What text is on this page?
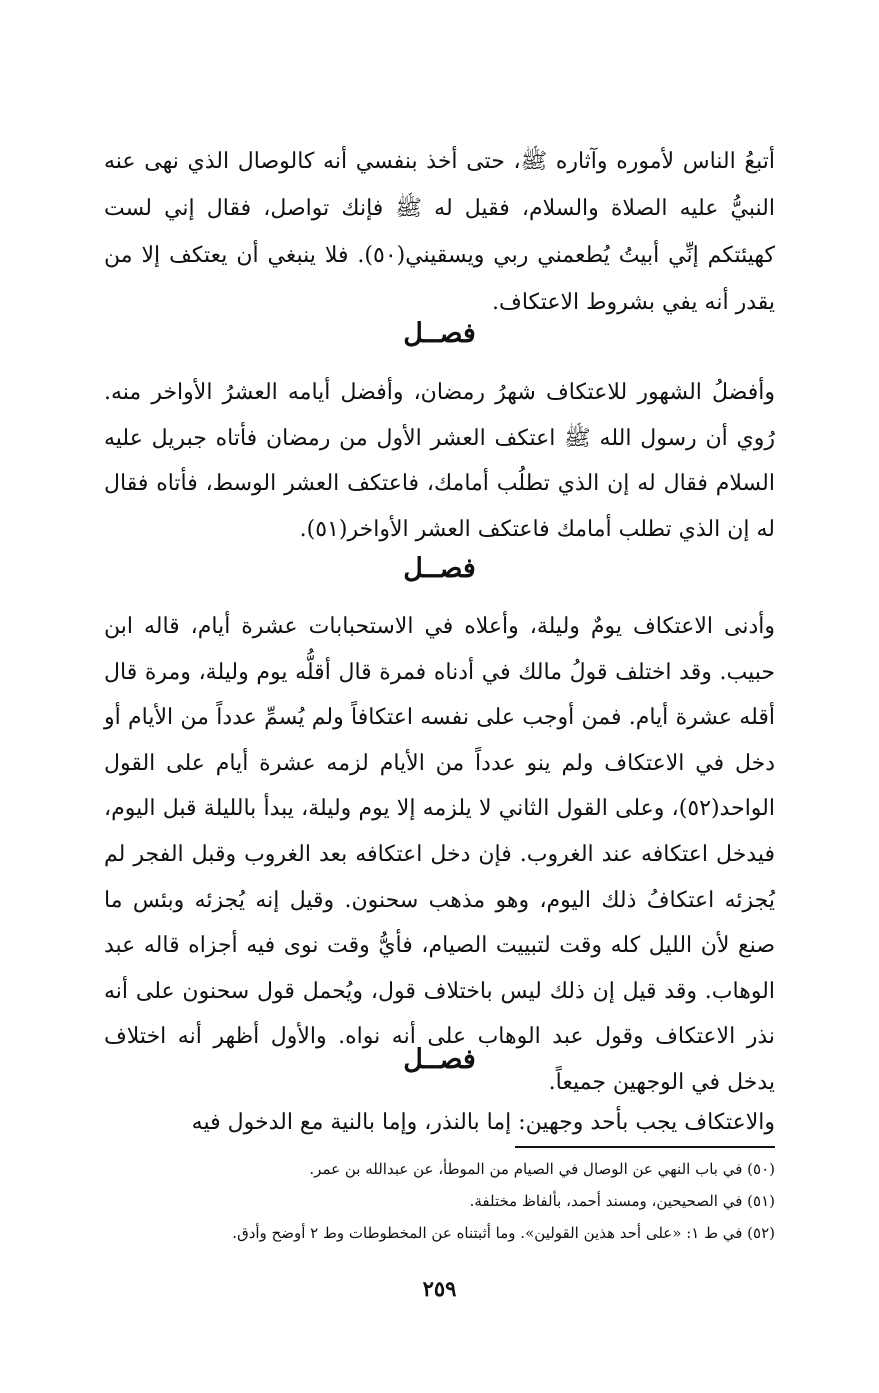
أتبعُ الناس لأموره وآثاره ﷺ، حتى أخذ بنفسي أنه كالوصال الذي نهى عنه النبيُّ عليه الصلاة والسلام، فقيل له ﷺ فإنك تواصل، فقال إني لست كهيئتكم إنِّي أبيتُ يُطعمني ربي ويسقيني(٥٠). فلا ينبغي أن يعتكف إلا من يقدر أنه يفي بشروط الاعتكاف.

فصــل

وأفضلُ الشهور للاعتكاف شهرُ رمضان، وأفضل أيامه العشرُ الأواخر منه. رُوي أن رسول الله ﷺ اعتكف العشر الأول من رمضان فأتاه جبريل عليه السلام فقال له إن الذي تطلُب أمامك، فاعتكف العشر الوسط، فأتاه فقال له إن الذي تطلب أمامك فاعتكف العشر الأواخر(٥١).

فصــل

وأدنى الاعتكاف يومٌ وليلة، وأعلاه في الاستحبابات عشرة أيام، قاله ابن حبيب. وقد اختلف قولُ مالك في أدناه فمرة قال أقلُّه يوم وليلة، ومرة قال أقله عشرة أيام. فمن أوجب على نفسه اعتكافاً ولم يُسمِّ عدداً من الأيام أو دخل في الاعتكاف ولم ينو عدداً من الأيام لزمه عشرة أيام على القول الواحد(٥٢)، وعلى القول الثاني لا يلزمه إلا يوم وليلة، يبدأ بالليلة قبل اليوم، فيدخل اعتكافه عند الغروب. فإن دخل اعتكافه بعد الغروب وقبل الفجر لم يُجزئه اعتكافُ ذلك اليوم، وهو مذهب سحنون. وقيل إنه يُجزئه وبئس ما صنع لأن الليل كله وقت لتبييت الصيام، فأيُّ وقت نوى فيه أجزاه قاله عبد الوهاب. وقد قيل إن ذلك ليس باختلاف قول، ويُحمل قول سحنون على أنه نذر الاعتكاف وقول عبد الوهاب على أنه نواه. والأول أظهر أنه اختلاف يدخل في الوجهين جميعاً.

فصــل

والاعتكاف يجب بأحد وجهين: إما بالنذر، وإما بالنية مع الدخول فيه

(٥٠) في باب النهي عن الوصال في الصيام من الموطأ، عن عبدالله بن عمر.

(٥١) في الصحيحين، ومسند أحمد، بألفاظ مختلفة.

(٥٢) في ط ١: «على أحد هذين القولين». وما أثبتناه عن المخطوطات وط ٢ أوضح وأدق.

٢٥٩
